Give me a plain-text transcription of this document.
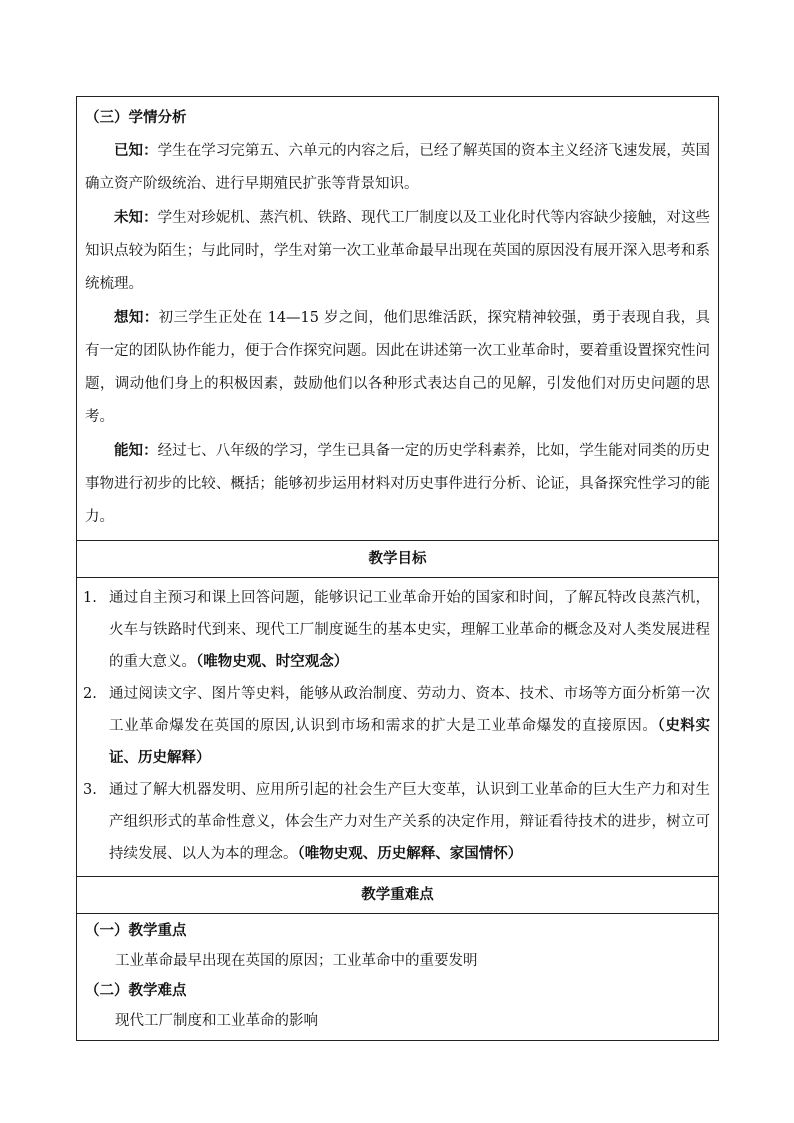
（三）学情分析

已知：学生在学习完第五、六单元的内容之后，已经了解英国的资本主义经济飞速发展，英国确立资产阶级统治、进行早期殖民扩张等背景知识。

未知：学生对珍妮机、蒸汽机、铁路、现代工厂制度以及工业化时代等内容缺少接触，对这些知识点较为陌生；与此同时，学生对第一次工业革命最早出现在英国的原因没有展开深入思考和系统梳理。

想知：初三学生正处在 14—15 岁之间，他们思维活跃，探究精神较强，勇于表现自我，具有一定的团队协作能力，便于合作探究问题。因此在讲述第一次工业革命时，要着重设置探究性问题，调动他们身上的积极因素，鼓励他们以各种形式表达自己的见解，引发他们对历史问题的思考。

能知：经过七、八年级的学习，学生已具备一定的历史学科素养，比如，学生能对同类的历史事物进行初步的比较、概括；能够初步运用材料对历史事件进行分析、论证，具备探究性学习的能力。

教学目标

1. 通过自主预习和课上回答问题，能够识记工业革命开始的国家和时间，了解瓦特改良蒸汽机，火车与铁路时代到来、现代工厂制度诞生的基本史实，理解工业革命的概念及对人类发展进程的重大意义。（唯物史观、时空观念）
2. 通过阅读文字、图片等史料，能够从政治制度、劳动力、资本、技术、市场等方面分析第一次工业革命爆发在英国的原因,认识到市场和需求的扩大是工业革命爆发的直接原因。（史料实证、历史解释）
3. 通过了解大机器发明、应用所引起的社会生产巨大变革，认识到工业革命的巨大生产力和对生产组织形式的革命性意义，体会生产力对生产关系的决定作用，辩证看待技术的进步，树立可持续发展、以人为本的理念。（唯物史观、历史解释、家国情怀）

教学重难点

（一）教学重点

工业革命最早出现在英国的原因；工业革命中的重要发明

（二）教学难点

现代工厂制度和工业革命的影响
